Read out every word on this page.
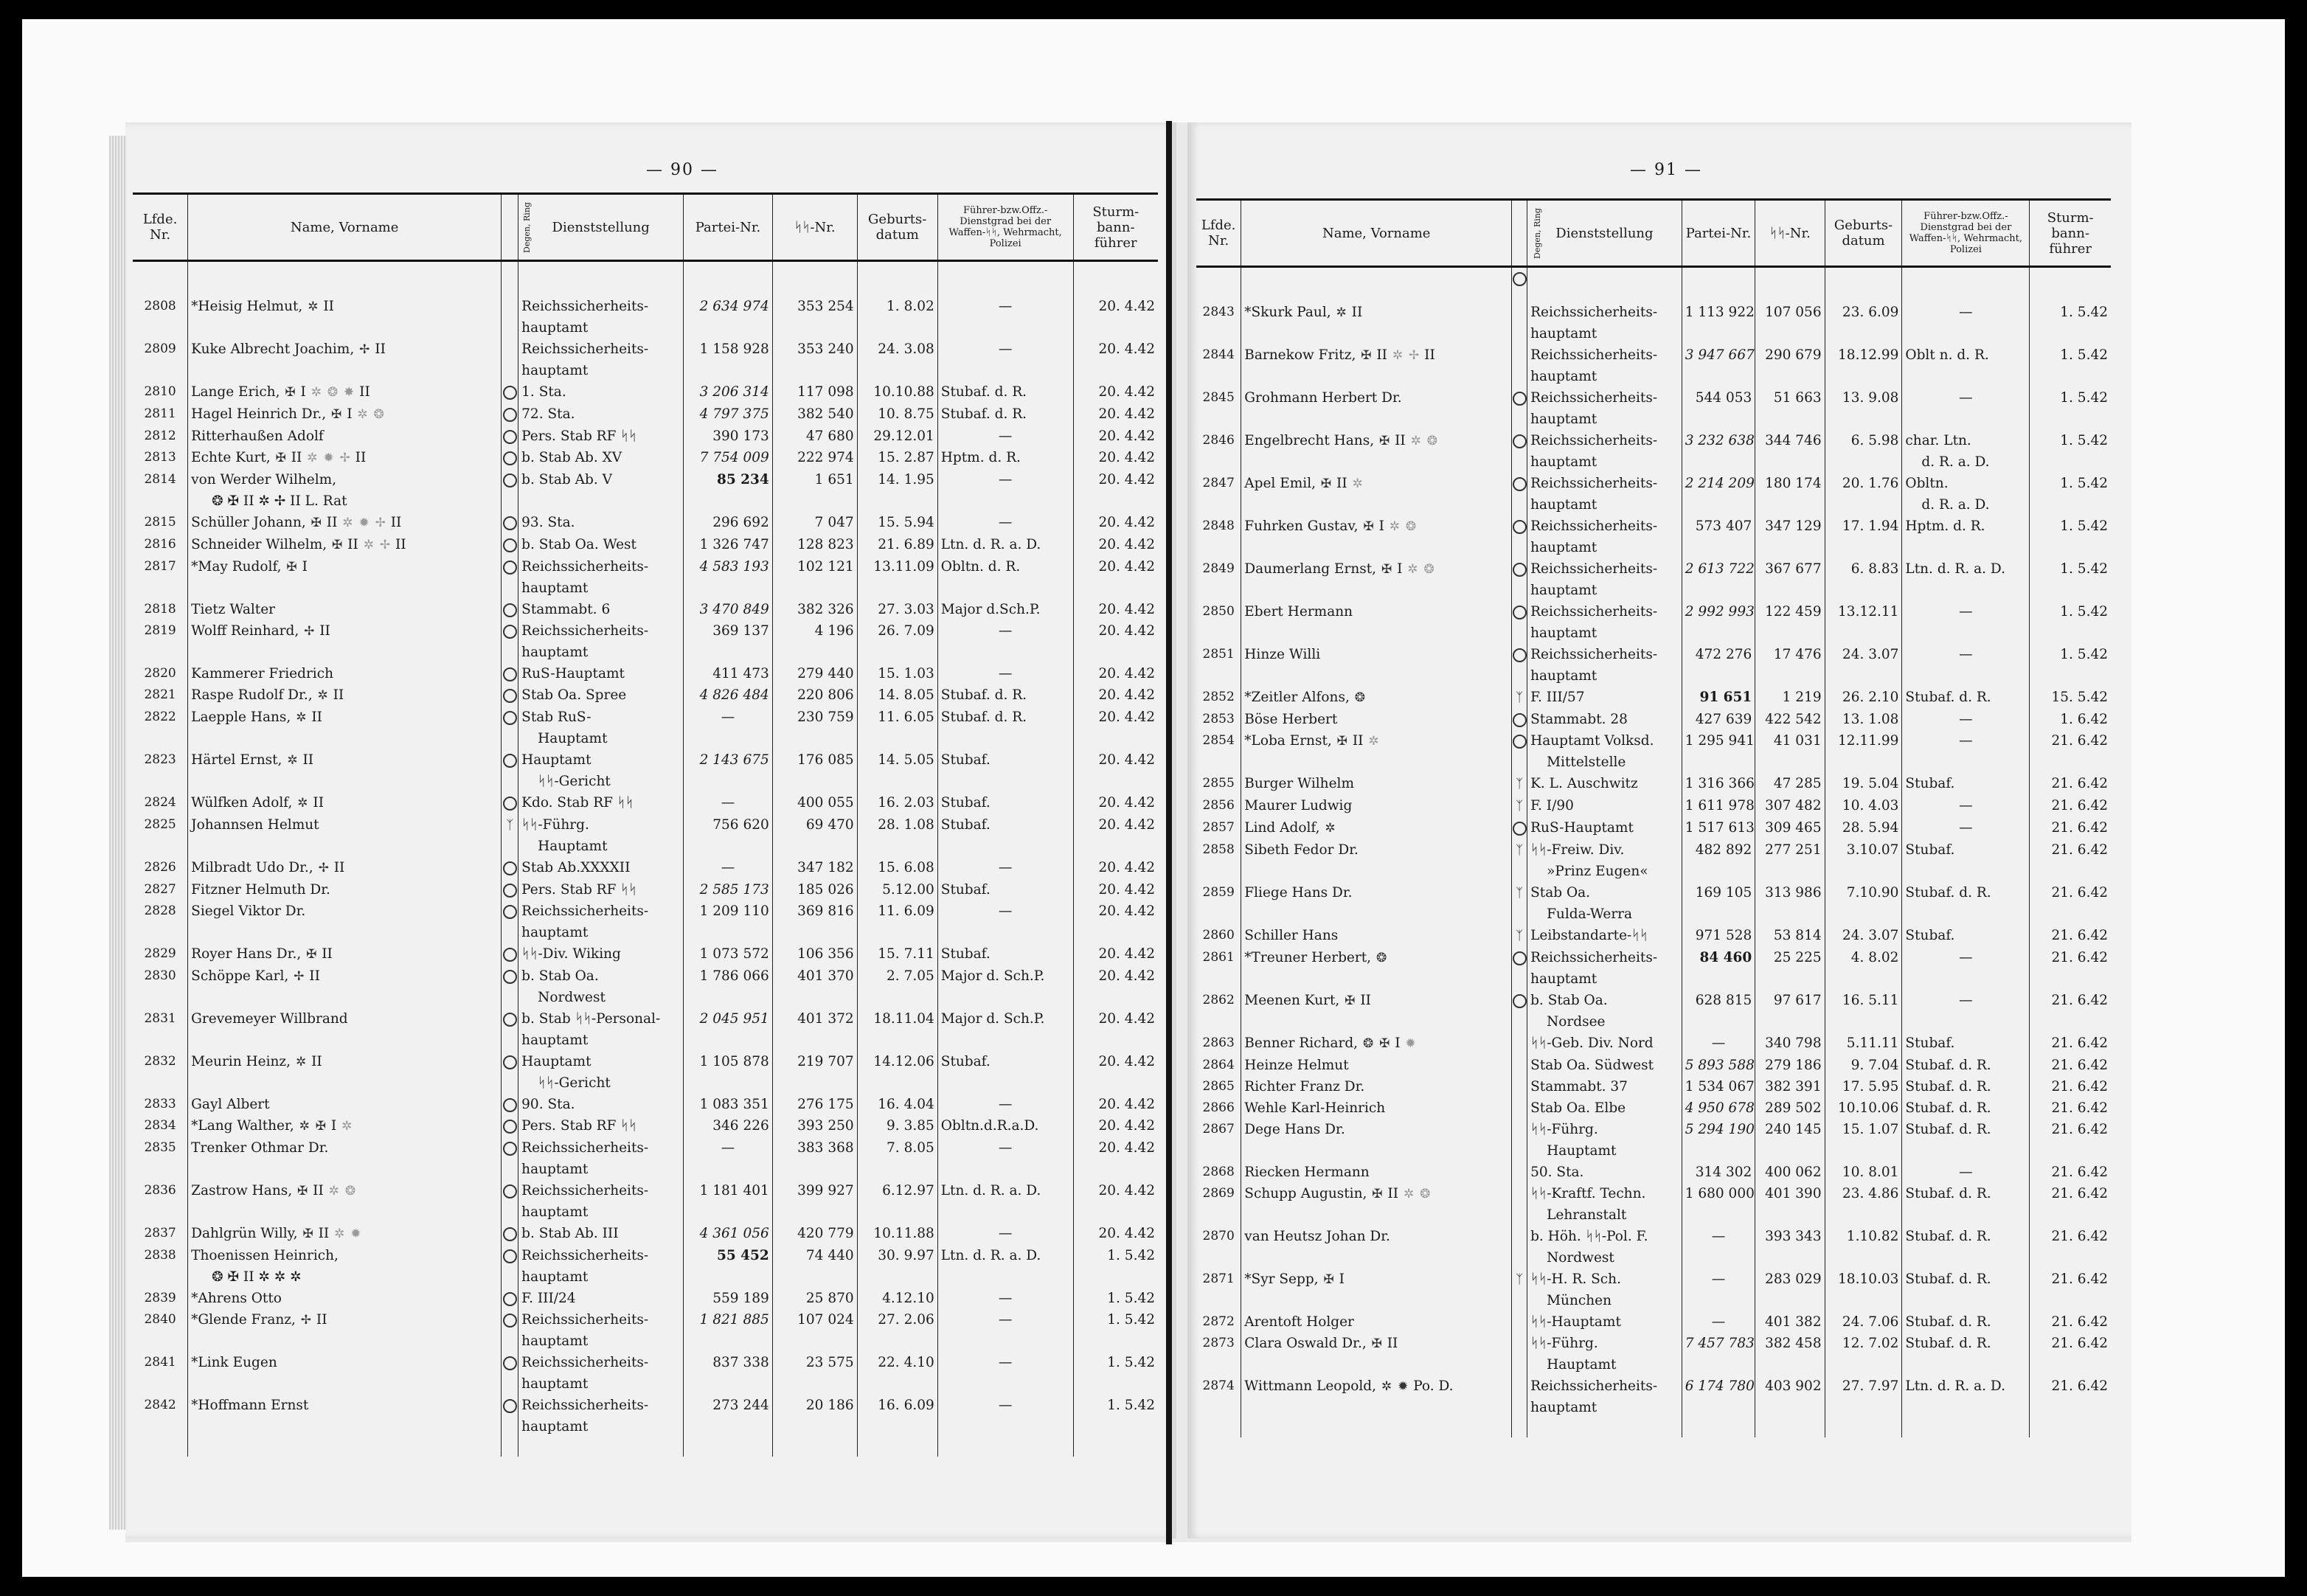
— 90 —
Lfde. Nr.	Name, Vorname	Degen, Ring	Dienststellung	Partei-Nr.	ᛋᛋ-Nr.	Geburts-datum	Führer-bzw.Offz.-Dienstgrad bei der Waffen-ᛋᛋ, Wehrmacht, Polizei	Sturm-bann-führer
2808	*Heisig Helmut, ✲ II		Reichssicherheits-
hauptamt	2 634 974	353 254	1. 8.02	—	20. 4.42
2809	Kuke Albrecht Joachim, ✢ II		Reichssicherheits-
hauptamt	1 158 928	353 240	24. 3.08	—	20. 4.42
2810	Lange Erich, ✠ I ✲ ❂ ✸ II		1. Sta.	3 206 314	117 098	10.10.88	Stubaf. d. R.	20. 4.42
2811	Hagel Heinrich Dr., ✠ I ✲ ❂		72. Sta.	4 797 375	382 540	10. 8.75	Stubaf. d. R.	20. 4.42
2812	Ritterhaußen Adolf		Pers. Stab RF ᛋᛋ	390 173	47 680	29.12.01	—	20. 4.42
2813	Echte Kurt, ✠ II ✲ ✹ ✢ II		b. Stab Ab. XV	7 754 009	222 974	15. 2.87	Hptm. d. R.	20. 4.42
2814	von Werder Wilhelm,
❂ ✠ II ✲ ✢ II L. Rat		b. Stab Ab. V	85 234	1 651	14. 1.95	—	20. 4.42
2815	Schüller Johann, ✠ II ✲ ✹ ✢ II		93. Sta.	296 692	7 047	15. 5.94	—	20. 4.42
2816	Schneider Wilhelm, ✠ II ✲ ✢ II		b. Stab Oa. West	1 326 747	128 823	21. 6.89	Ltn. d. R. a. D.	20. 4.42
2817	*May Rudolf, ✠ I		Reichssicherheits-
hauptamt	4 583 193	102 121	13.11.09	Obltn. d. R.	20. 4.42
2818	Tietz Walter		Stammabt. 6	3 470 849	382 326	27. 3.03	Major d.Sch.P.	20. 4.42
2819	Wolff Reinhard, ✢ II		Reichssicherheits-
hauptamt	369 137	4 196	26. 7.09	—	20. 4.42
2820	Kammerer Friedrich		RuS-Hauptamt	411 473	279 440	15. 1.03	—	20. 4.42
2821	Raspe Rudolf Dr., ✲ II		Stab Oa. Spree	4 826 484	220 806	14. 8.05	Stubaf. d. R.	20. 4.42
2822	Laepple Hans, ✲ II		Stab RuS-
Hauptamt	—	230 759	11. 6.05	Stubaf. d. R.	20. 4.42
2823	Härtel Ernst, ✲ II		Hauptamt
ᛋᛋ-Gericht	2 143 675	176 085	14. 5.05	Stubaf.	20. 4.42
2824	Wülfken Adolf, ✲ II		Kdo. Stab RF ᛋᛋ	—	400 055	16. 2.03	Stubaf.	20. 4.42
2825	Johannsen Helmut	ᛉ	ᛋᛋ-Führg.
Hauptamt	756 620	69 470	28. 1.08	Stubaf.	20. 4.42
2826	Milbradt Udo Dr., ✢ II		Stab Ab.XXXXII	—	347 182	15. 6.08	—	20. 4.42
2827	Fitzner Helmuth Dr.		Pers. Stab RF ᛋᛋ	2 585 173	185 026	5.12.00	Stubaf.	20. 4.42
2828	Siegel Viktor Dr.		Reichssicherheits-
hauptamt	1 209 110	369 816	11. 6.09	—	20. 4.42
2829	Royer Hans Dr., ✠ II		ᛋᛋ-Div. Wiking	1 073 572	106 356	15. 7.11	Stubaf.	20. 4.42
2830	Schöppe Karl, ✢ II		b. Stab Oa.
Nordwest	1 786 066	401 370	2. 7.05	Major d. Sch.P.	20. 4.42
2831	Grevemeyer Willbrand		b. Stab ᛋᛋ-Personal-
hauptamt	2 045 951	401 372	18.11.04	Major d. Sch.P.	20. 4.42
2832	Meurin Heinz, ✲ II		Hauptamt
ᛋᛋ-Gericht	1 105 878	219 707	14.12.06	Stubaf.	20. 4.42
2833	Gayl Albert		90. Sta.	1 083 351	276 175	16. 4.04	—	20. 4.42
2834	*Lang Walther, ✲ ✠ I ✲		Pers. Stab RF ᛋᛋ	346 226	393 250	9. 3.85	Obltn.d.R.a.D.	20. 4.42
2835	Trenker Othmar Dr.		Reichssicherheits-
hauptamt	—	383 368	7. 8.05	—	20. 4.42
2836	Zastrow Hans, ✠ II ✲ ❂		Reichssicherheits-
hauptamt	1 181 401	399 927	6.12.97	Ltn. d. R. a. D.	20. 4.42
2837	Dahlgrün Willy, ✠ II ✲ ✹		b. Stab Ab. III	4 361 056	420 779	10.11.88	—	20. 4.42
2838	Thoenissen Heinrich,
❂ ✠ II ✲ ✲ ✲		Reichssicherheits-
hauptamt	55 452	74 440	30. 9.97	Ltn. d. R. a. D.	1. 5.42
2839	*Ahrens Otto		F. III/24	559 189	25 870	4.12.10	—	1. 5.42
2840	*Glende Franz, ✢ II		Reichssicherheits-
hauptamt	1 821 885	107 024	27. 2.06	—	1. 5.42
2841	*Link Eugen		Reichssicherheits-
hauptamt	837 338	23 575	22. 4.10	—	1. 5.42
2842	*Hoffmann Ernst		Reichssicherheits-
hauptamt	273 244	20 186	16. 6.09	—	1. 5.42
— 91 —
Lfde. Nr.	Name, Vorname	Degen, Ring	Dienststellung	Partei-Nr.	ᛋᛋ-Nr.	Geburts-datum	Führer-bzw.Offz.-Dienstgrad bei der Waffen-ᛋᛋ, Wehrmacht, Polizei	Sturm-bann-führer
2843	*Skurk Paul, ✲ II		Reichssicherheits-
hauptamt	1 113 922	107 056	23. 6.09	—	1. 5.42
2844	Barnekow Fritz, ✠ II ✲ ✢ II		Reichssicherheits-
hauptamt	3 947 667	290 679	18.12.99	Oblt n. d. R.	1. 5.42
2845	Grohmann Herbert Dr.		Reichssicherheits-
hauptamt	544 053	51 663	13. 9.08	—	1. 5.42
2846	Engelbrecht Hans, ✠ II ✲ ❂		Reichssicherheits-
hauptamt	3 232 638	344 746	6. 5.98	char. Ltn.
d. R. a. D.	1. 5.42
2847	Apel Emil, ✠ II ✲		Reichssicherheits-
hauptamt	2 214 209	180 174	20. 1.76	Obltn.
d. R. a. D.	1. 5.42
2848	Fuhrken Gustav, ✠ I ✲ ❂		Reichssicherheits-
hauptamt	573 407	347 129	17. 1.94	Hptm. d. R.	1. 5.42
2849	Daumerlang Ernst, ✠ I ✲ ❂		Reichssicherheits-
hauptamt	2 613 722	367 677	6. 8.83	Ltn. d. R. a. D.	1. 5.42
2850	Ebert Hermann		Reichssicherheits-
hauptamt	2 992 993	122 459	13.12.11	—	1. 5.42
2851	Hinze Willi		Reichssicherheits-
hauptamt	472 276	17 476	24. 3.07	—	1. 5.42
2852	*Zeitler Alfons, ❂	ᛉ	F. III/57	91 651	1 219	26. 2.10	Stubaf. d. R.	15. 5.42
2853	Böse Herbert		Stammabt. 28	427 639	422 542	13. 1.08	—	1. 6.42
2854	*Loba Ernst, ✠ II ✲		Hauptamt Volksd.
Mittelstelle	1 295 941	41 031	12.11.99	—	21. 6.42
2855	Burger Wilhelm	ᛉ	K. L. Auschwitz	1 316 366	47 285	19. 5.04	Stubaf.	21. 6.42
2856	Maurer Ludwig	ᛉ	F. I/90	1 611 978	307 482	10. 4.03	—	21. 6.42
2857	Lind Adolf, ✲		RuS-Hauptamt	1 517 613	309 465	28. 5.94	—	21. 6.42
2858	Sibeth Fedor Dr.	ᛉ	ᛋᛋ-Freiw. Div.
»Prinz Eugen«	482 892	277 251	3.10.07	Stubaf.	21. 6.42
2859	Fliege Hans Dr.	ᛉ	Stab Oa.
Fulda-Werra	169 105	313 986	7.10.90	Stubaf. d. R.	21. 6.42
2860	Schiller Hans	ᛉ	Leibstandarte-ᛋᛋ	971 528	53 814	24. 3.07	Stubaf.	21. 6.42
2861	*Treuner Herbert, ❂		Reichssicherheits-
hauptamt	84 460	25 225	4. 8.02	—	21. 6.42
2862	Meenen Kurt, ✠ II		b. Stab Oa.
Nordsee	628 815	97 617	16. 5.11	—	21. 6.42
2863	Benner Richard, ❂ ✠ I ✹		ᛋᛋ-Geb. Div. Nord	—	340 798	5.11.11	Stubaf.	21. 6.42
2864	Heinze Helmut		Stab Oa. Südwest	5 893 588	279 186	9. 7.04	Stubaf. d. R.	21. 6.42
2865	Richter Franz Dr.		Stammabt. 37	1 534 067	382 391	17. 5.95	Stubaf. d. R.	21. 6.42
2866	Wehle Karl-Heinrich		Stab Oa. Elbe	4 950 678	289 502	10.10.06	Stubaf. d. R.	21. 6.42
2867	Dege Hans Dr.		ᛋᛋ-Führg.
Hauptamt	5 294 190	240 145	15. 1.07	Stubaf. d. R.	21. 6.42
2868	Riecken Hermann		50. Sta.	314 302	400 062	10. 8.01	—	21. 6.42
2869	Schupp Augustin, ✠ II ✲ ❂		ᛋᛋ-Kraftf. Techn.
Lehranstalt	1 680 000	401 390	23. 4.86	Stubaf. d. R.	21. 6.42
2870	van Heutsz Johan Dr.		b. Höh. ᛋᛋ-Pol. F.
Nordwest	—	393 343	1.10.82	Stubaf. d. R.	21. 6.42
2871	*Syr Sepp, ✠ I	ᛉ	ᛋᛋ-H. R. Sch.
München	—	283 029	18.10.03	Stubaf. d. R.	21. 6.42
2872	Arentoft Holger		ᛋᛋ-Hauptamt	—	401 382	24. 7.06	Stubaf. d. R.	21. 6.42
2873	Clara Oswald Dr., ✠ II		ᛋᛋ-Führg.
Hauptamt	7 457 783	382 458	12. 7.02	Stubaf. d. R.	21. 6.42
2874	Wittmann Leopold, ✲ ✹ Po. D.		Reichssicherheits-
hauptamt	6 174 780	403 902	27. 7.97	Ltn. d. R. a. D.	21. 6.42
